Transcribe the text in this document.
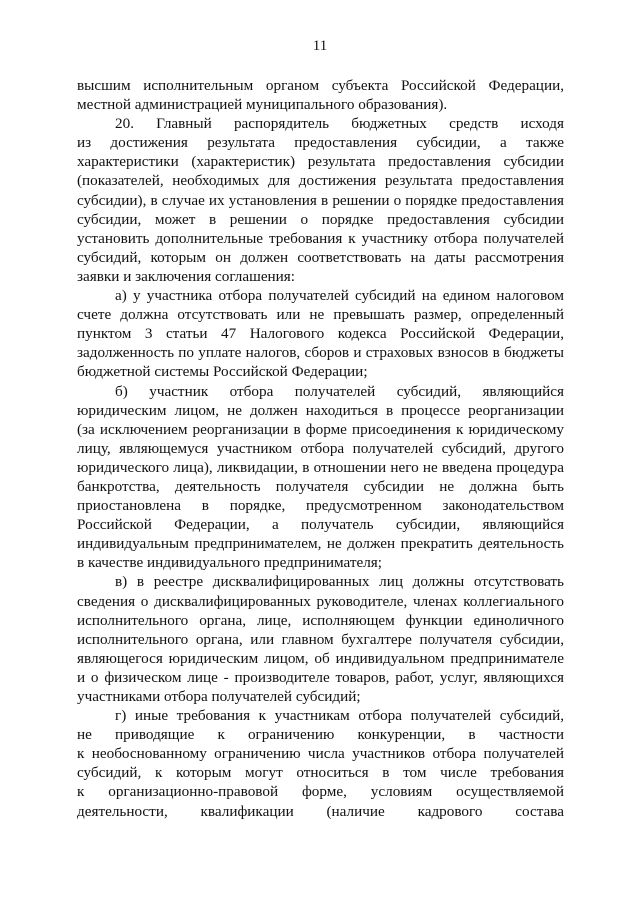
11
высшим исполнительным органом субъекта Российской Федерации,
местной администрацией муниципального образования).
20. Главный распорядитель бюджетных средств исходя
из достижения результата предоставления субсидии, а также
характеристики (характеристик) результата предоставления субсидии
(показателей, необходимых для достижения результата предоставления
субсидии), в случае их установления в решении о порядке предоставления
субсидии, может в решении о порядке предоставления субсидии
установить дополнительные требования к участнику отбора получателей
субсидий, которым он должен соответствовать на даты рассмотрения
заявки и заключения соглашения:
а) у участника отбора получателей субсидий на едином налоговом
счете должна отсутствовать или не превышать размер, определенный
пунктом 3 статьи 47 Налогового кодекса Российской Федерации,
задолженность по уплате налогов, сборов и страховых взносов в бюджеты
бюджетной системы Российской Федерации;
б) участник отбора получателей субсидий, являющийся
юридическим лицом, не должен находиться в процессе реорганизации
(за исключением реорганизации в форме присоединения к юридическому
лицу, являющемуся участником отбора получателей субсидий, другого
юридического лица), ликвидации, в отношении него не введена процедура
банкротства, деятельность получателя субсидии не должна быть
приостановлена в порядке, предусмотренном законодательством
Российской Федерации, а получатель субсидии, являющийся
индивидуальным предпринимателем, не должен прекратить деятельность
в качестве индивидуального предпринимателя;
в) в реестре дисквалифицированных лиц должны отсутствовать
сведения о дисквалифицированных руководителе, членах коллегиального
исполнительного органа, лице, исполняющем функции единоличного
исполнительного органа, или главном бухгалтере получателя субсидии,
являющегося юридическим лицом, об индивидуальном предпринимателе
и о физическом лице - производителе товаров, работ, услуг, являющихся
участниками отбора получателей субсидий;
г) иные требования к участникам отбора получателей субсидий,
не приводящие к ограничению конкуренции, в частности
к необоснованному ограничению числа участников отбора получателей
субсидий, к которым могут относиться в том числе требования
к организационно-правовой форме, условиям осуществляемой
деятельности, квалификации (наличие кадрового состава
